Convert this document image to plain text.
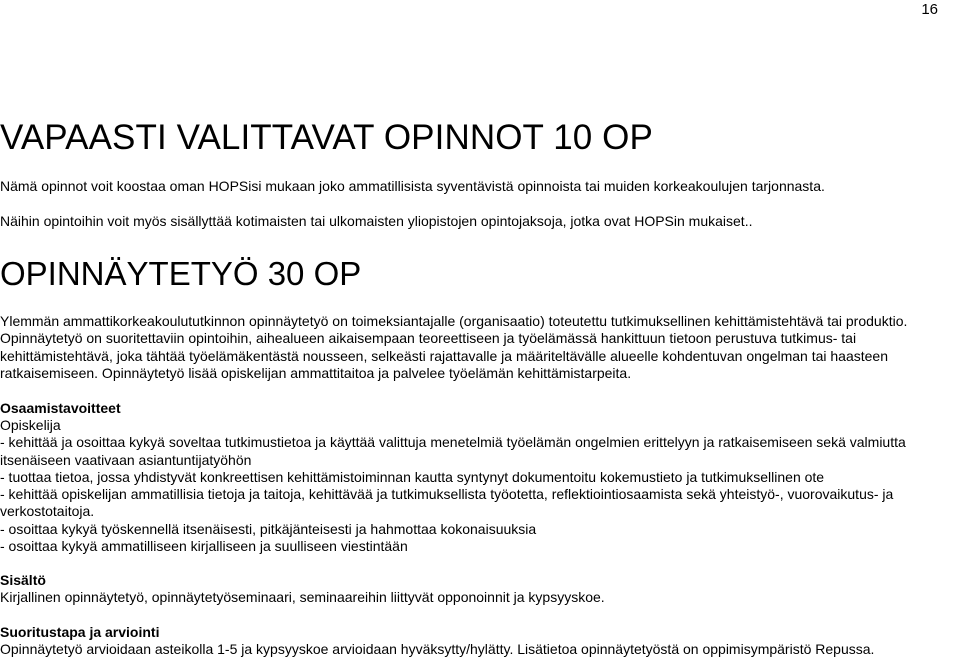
16
VAPAASTI VALITTAVAT OPINNOT 10 OP

Nämä opinnot voit koostaa oman HOPSisi mukaan joko ammatillisista syventävistä opinnoista tai muiden korkeakoulujen tarjonnasta.

Näihin opintoihin voit myös sisällyttää kotimaisten tai ulkomaisten yliopistojen opintojaksoja, jotka ovat HOPSin mukaiset..

OPINNÄYTETYÖ 30 OP

Ylemmän ammattikorkeakoulututkinnon opinnäytetyö on toimeksiantajalle (organisaatio) toteutettu tutkimuksellinen kehittämistehtävä tai produktio. Opinnäytetyö on suoritettaviin opintoihin, aihealueen aikaisempaan teoreettiseen ja työelämässä hankittuun tietoon perustuva tutkimus- tai kehittämistehtävä, joka tähtää työelämäkentästä nousseen, selkeästi rajattavalle ja määriteltävälle alueelle kohdentuvan ongelman tai haasteen ratkaisemiseen. Opinnäytetyö lisää opiskelijan ammattitaitoa ja palvelee työelämän kehittämistarpeita.

Osaamistavoitteet
Opiskelija
- kehittää ja osoittaa kykyä soveltaa tutkimustietoa ja käyttää valittuja menetelmiä työelämän ongelmien erittelyyn ja ratkaisemiseen sekä valmiutta itsenäiseen vaativaan asiantuntijatyöhön
- tuottaa tietoa, jossa yhdistyvät konkreettisen kehittämistoiminnan kautta syntynyt dokumentoitu kokemustieto ja tutkimuksellinen ote
- kehittää opiskelijan ammatillisia tietoja ja taitoja, kehittävää ja tutkimuksellista työotetta, reflektiointiosaamista sekä yhteistyö-, vuorovaikutus- ja verkostotaitoja.
- osoittaa kykyä työskennellä itsenäisesti, pitkäjänteisesti ja hahmottaa kokonaisuuksia
- osoittaa kykyä ammatilliseen kirjalliseen ja suulliseen viestintään
Sisältö

Kirjallinen opinnäytetyö, opinnäytetyöseminaari, seminaareihin liittyvät opponoinnit ja kypsyyskoe.

Suoritustapa ja arviointi

Opinnäytetyö arvioidaan asteikolla 1-5 ja kypsyyskoe arvioidaan hyväksytty/hylätty. Lisätietoa opinnäytetyöstä on oppimisympäristö Repussa.
